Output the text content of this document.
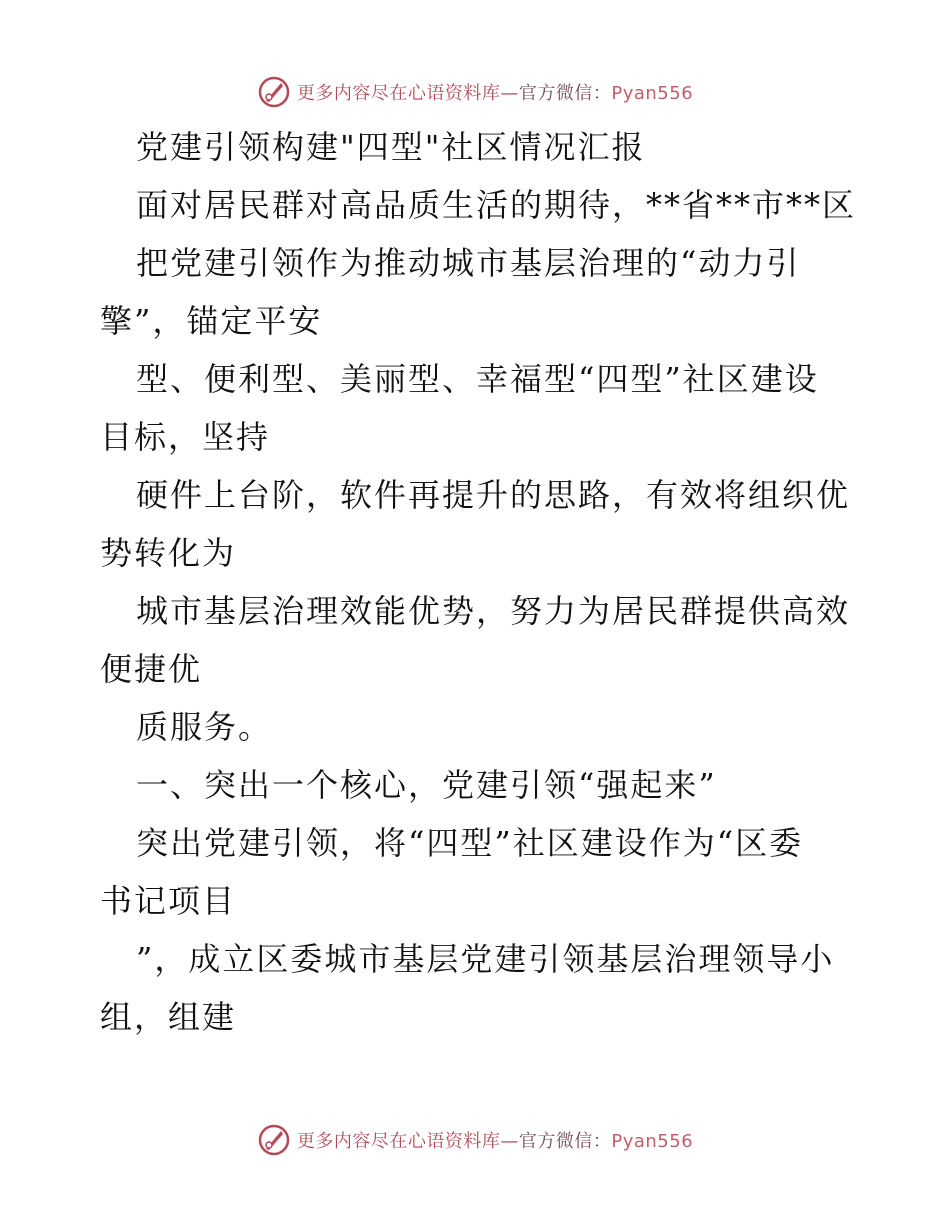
更多内容尽在心语资料库—官方微信：Pyan556
党建引领构建"四型"社区情况汇报
面对居民群对高品质生活的期待，**省**市**区
把党建引领作为推动城市基层治理的“动力引
擎”，锚定平安
型、便利型、美丽型、幸福型“四型”社区建设
目标，坚持
硬件上台阶，软件再提升的思路，有效将组织优
势转化为
城市基层治理效能优势，努力为居民群提供高效
便捷优
质服务。
一、突出一个核心，党建引领“强起来”
突出党建引领，将“四型”社区建设作为“区委
书记项目
”，成立区委城市基层党建引领基层治理领导小
组，组建
更多内容尽在心语资料库—官方微信：Pyan556
